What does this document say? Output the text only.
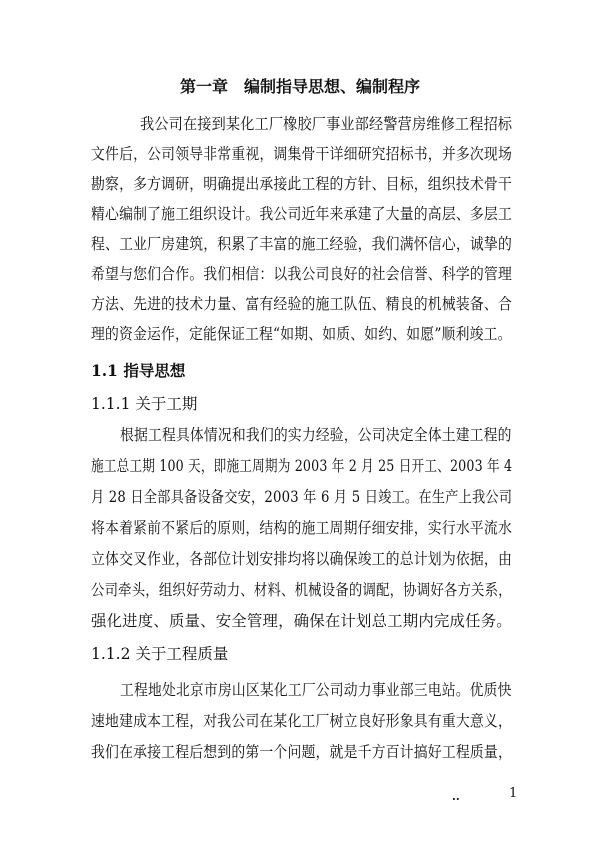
第一章　编制指导思想、编制程序
我公司在接到某化工厂橡胶厂事业部经警营房维修工程招标
文件后，公司领导非常重视，调集骨干详细研究招标书，并多次现场
勘察，多方调研，明确提出承接此工程的方针、目标，组织技术骨干
精心编制了施工组织设计。我公司近年来承建了大量的高层、多层工
程、工业厂房建筑，积累了丰富的施工经验，我们满怀信心，诚挚的
希望与您们合作。我们相信：以我公司良好的社会信誉、科学的管理
方法、先进的技术力量、富有经验的施工队伍、精良的机械装备、合
理的资金运作，定能保证工程“如期、如质、如约、如愿”顺利竣工。
1.1 指导思想
1.1.1 关于工期
根据工程具体情况和我们的实力经验，公司决定全体土建工程的
施工总工期 100 天，即施工周期为 2003 年 2 月 25 日开工、2003 年 4
月 28 日全部具备设备交安，2003 年 6 月 5 日竣工。在生产上我公司
将本着紧前不紧后的原则，结构的施工周期仔细安排，实行水平流水
立体交叉作业，各部位计划安排均将以确保竣工的总计划为依据，由
公司牵头，组织好劳动力、材料、机械设备的调配，协调好各方关系，
强化进度、质量、安全管理，确保在计划总工期内完成任务。
1.1.2 关于工程质量
工程地处北京市房山区某化工厂公司动力事业部三电站。优质快
速地建成本工程，对我公司在某化工厂树立良好形象具有重大意义，
我们在承接工程后想到的第一个问题，就是千方百计搞好工程质量，
..	1
